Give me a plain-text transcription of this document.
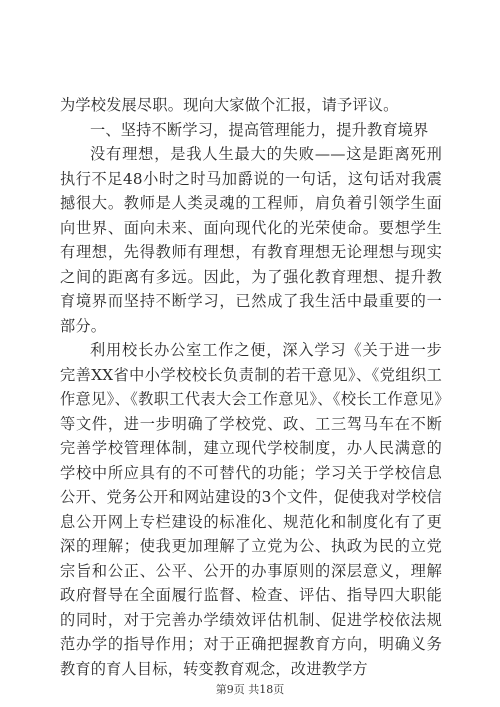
为学校发展尽职。现向大家做个汇报，请予评议。

一、坚持不断学习，提高管理能力，提升教育境界

没有理想，是我人生最大的失败——这是距离死刑执行不足48小时之时马加爵说的一句话，这句话对我震撼很大。教师是人类灵魂的工程师，肩负着引领学生面向世界、面向未来、面向现代化的光荣使命。要想学生有理想，先得教师有理想，有教育理想无论理想与现实之间的距离有多远。因此，为了强化教育理想、提升教育境界而坚持不断学习，已然成了我生活中最重要的一部分。

利用校长办公室工作之便，深入学习《关于进一步完善XX省中小学校校长负责制的若干意见》、《党组织工作意见》、《教职工代表大会工作意见》、《校长工作意见》等文件，进一步明确了学校党、政、工三驾马车在不断完善学校管理体制，建立现代学校制度，办人民满意的学校中所应具有的不可替代的功能；学习关于学校信息公开、党务公开和网站建设的3个文件，促使我对学校信息公开网上专栏建设的标准化、规范化和制度化有了更深的理解；使我更加理解了立党为公、执政为民的立党宗旨和公正、公平、公开的办事原则的深层意义，理解政府督导在全面履行监督、检查、评估、指导四大职能的同时，对于完善办学绩效评估机制、促进学校依法规范办学的指导作用；对于正确把握教育方向，明确义务教育的育人目标，转变教育观念，改进教学方

第9页 共18页
